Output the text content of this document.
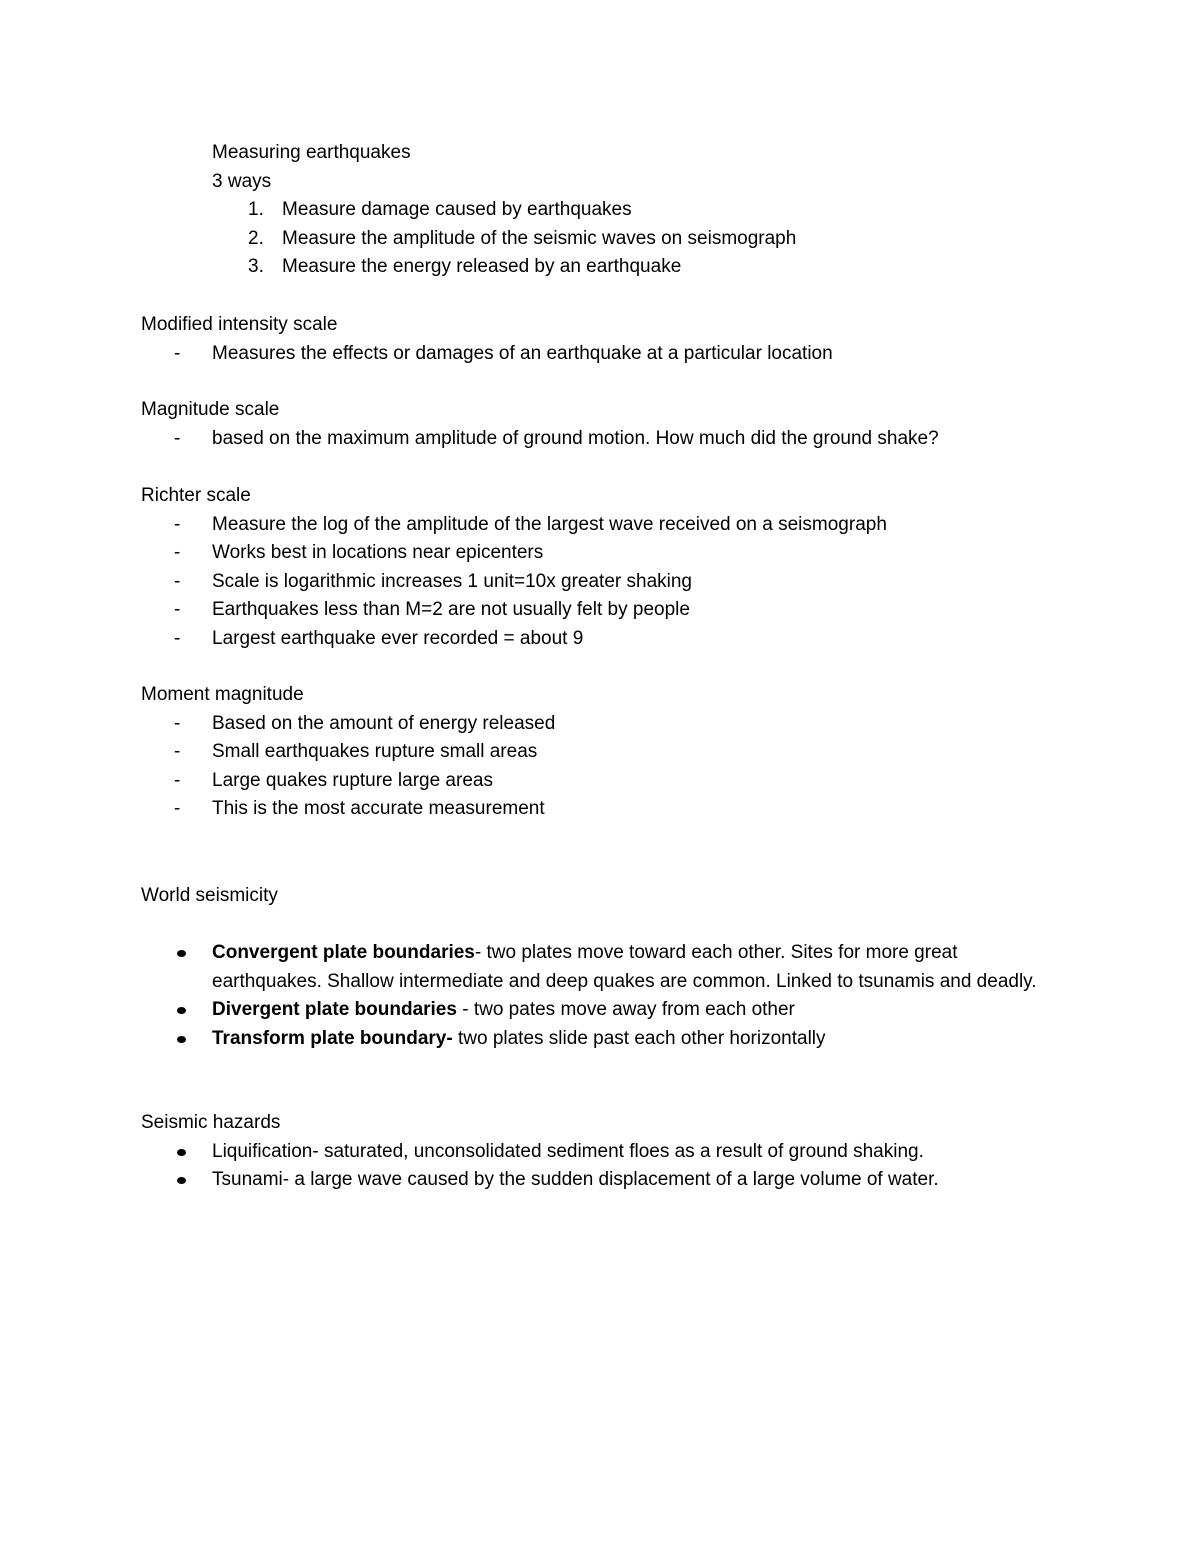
Measuring earthquakes
3 ways
1. Measure damage caused by earthquakes
2. Measure the amplitude of the seismic waves on seismograph
3. Measure the energy released by an earthquake
Modified intensity scale
- Measures the effects or damages of an earthquake at a particular location
Magnitude scale
- based on the maximum amplitude of ground motion. How much did the ground shake?
Richter scale
- Measure the log of the amplitude of the largest wave received on a seismograph
- Works best in locations near epicenters
- Scale is logarithmic increases 1 unit=10x greater shaking
- Earthquakes less than M=2 are not usually felt by people
- Largest earthquake ever recorded = about 9
Moment magnitude
- Based on the amount of energy released
- Small earthquakes rupture small areas
- Large quakes rupture large areas
- This is the most accurate measurement
World seismicity
Convergent plate boundaries- two plates move toward each other. Sites for more great earthquakes. Shallow intermediate and deep quakes are common. Linked to tsunamis and deadly.
Divergent plate boundaries - two pates move away from each other
Transform plate boundary- two plates slide past each other horizontally
Seismic hazards
Liquification- saturated, unconsolidated sediment floes as a result of ground shaking.
Tsunami- a large wave caused by the sudden displacement of a large volume of water.
